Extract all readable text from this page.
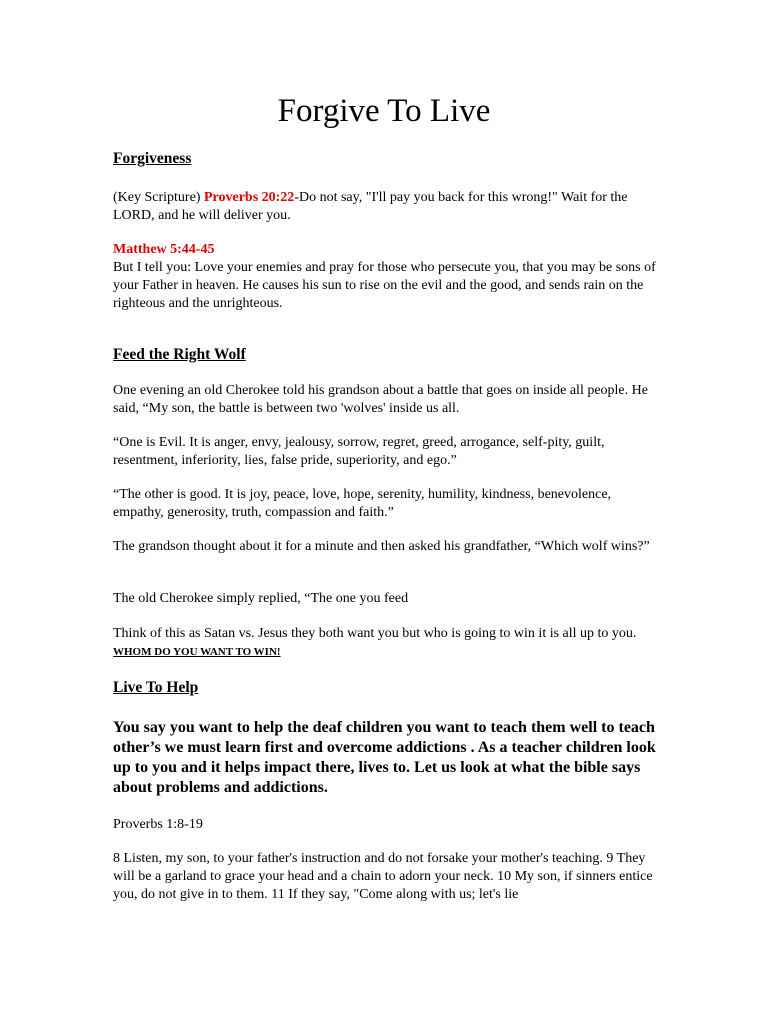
Forgive To Live

Forgiveness

(Key Scripture) Proverbs 20:22-Do not say, "I'll pay you back for this wrong!" Wait for the LORD, and he will deliver you.

Matthew 5:44-45

But I tell you: Love your enemies and pray for those who persecute you, that you may be sons of your Father in heaven. He causes his sun to rise on the evil and the good, and sends rain on the righteous and the unrighteous.

Feed the Right Wolf

One evening an old Cherokee told his grandson about a battle that goes on inside all people. He said, “My son, the battle is between two 'wolves' inside us all.

“One is Evil. It is anger, envy, jealousy, sorrow, regret, greed, arrogance, self-pity, guilt, resentment, inferiority, lies, false pride, superiority, and ego.”

“The other is good. It is joy, peace, love, hope, serenity, humility, kindness, benevolence, empathy, generosity, truth, compassion and faith.”

The grandson thought about it for a minute and then asked his grandfather, “Which wolf wins?”

The old Cherokee simply replied, “The one you feed

Think of this as Satan vs. Jesus they both want you but who is going to win it is all up to you. WHOM DO YOU WANT TO WIN!

Live To Help

You say you want to help the deaf children you want to teach them well to teach other’s we must learn first and overcome addictions . As a teacher children look up to you and it helps impact there, lives to. Let us look at what the bible says about problems and addictions.

Proverbs 1:8-19

8 Listen, my son, to your father's instruction and do not forsake your mother's teaching. 9 They will be a garland to grace your head and a chain to adorn your neck. 10 My son, if sinners entice you, do not give in to them. 11 If they say, "Come along with us; let's lie
